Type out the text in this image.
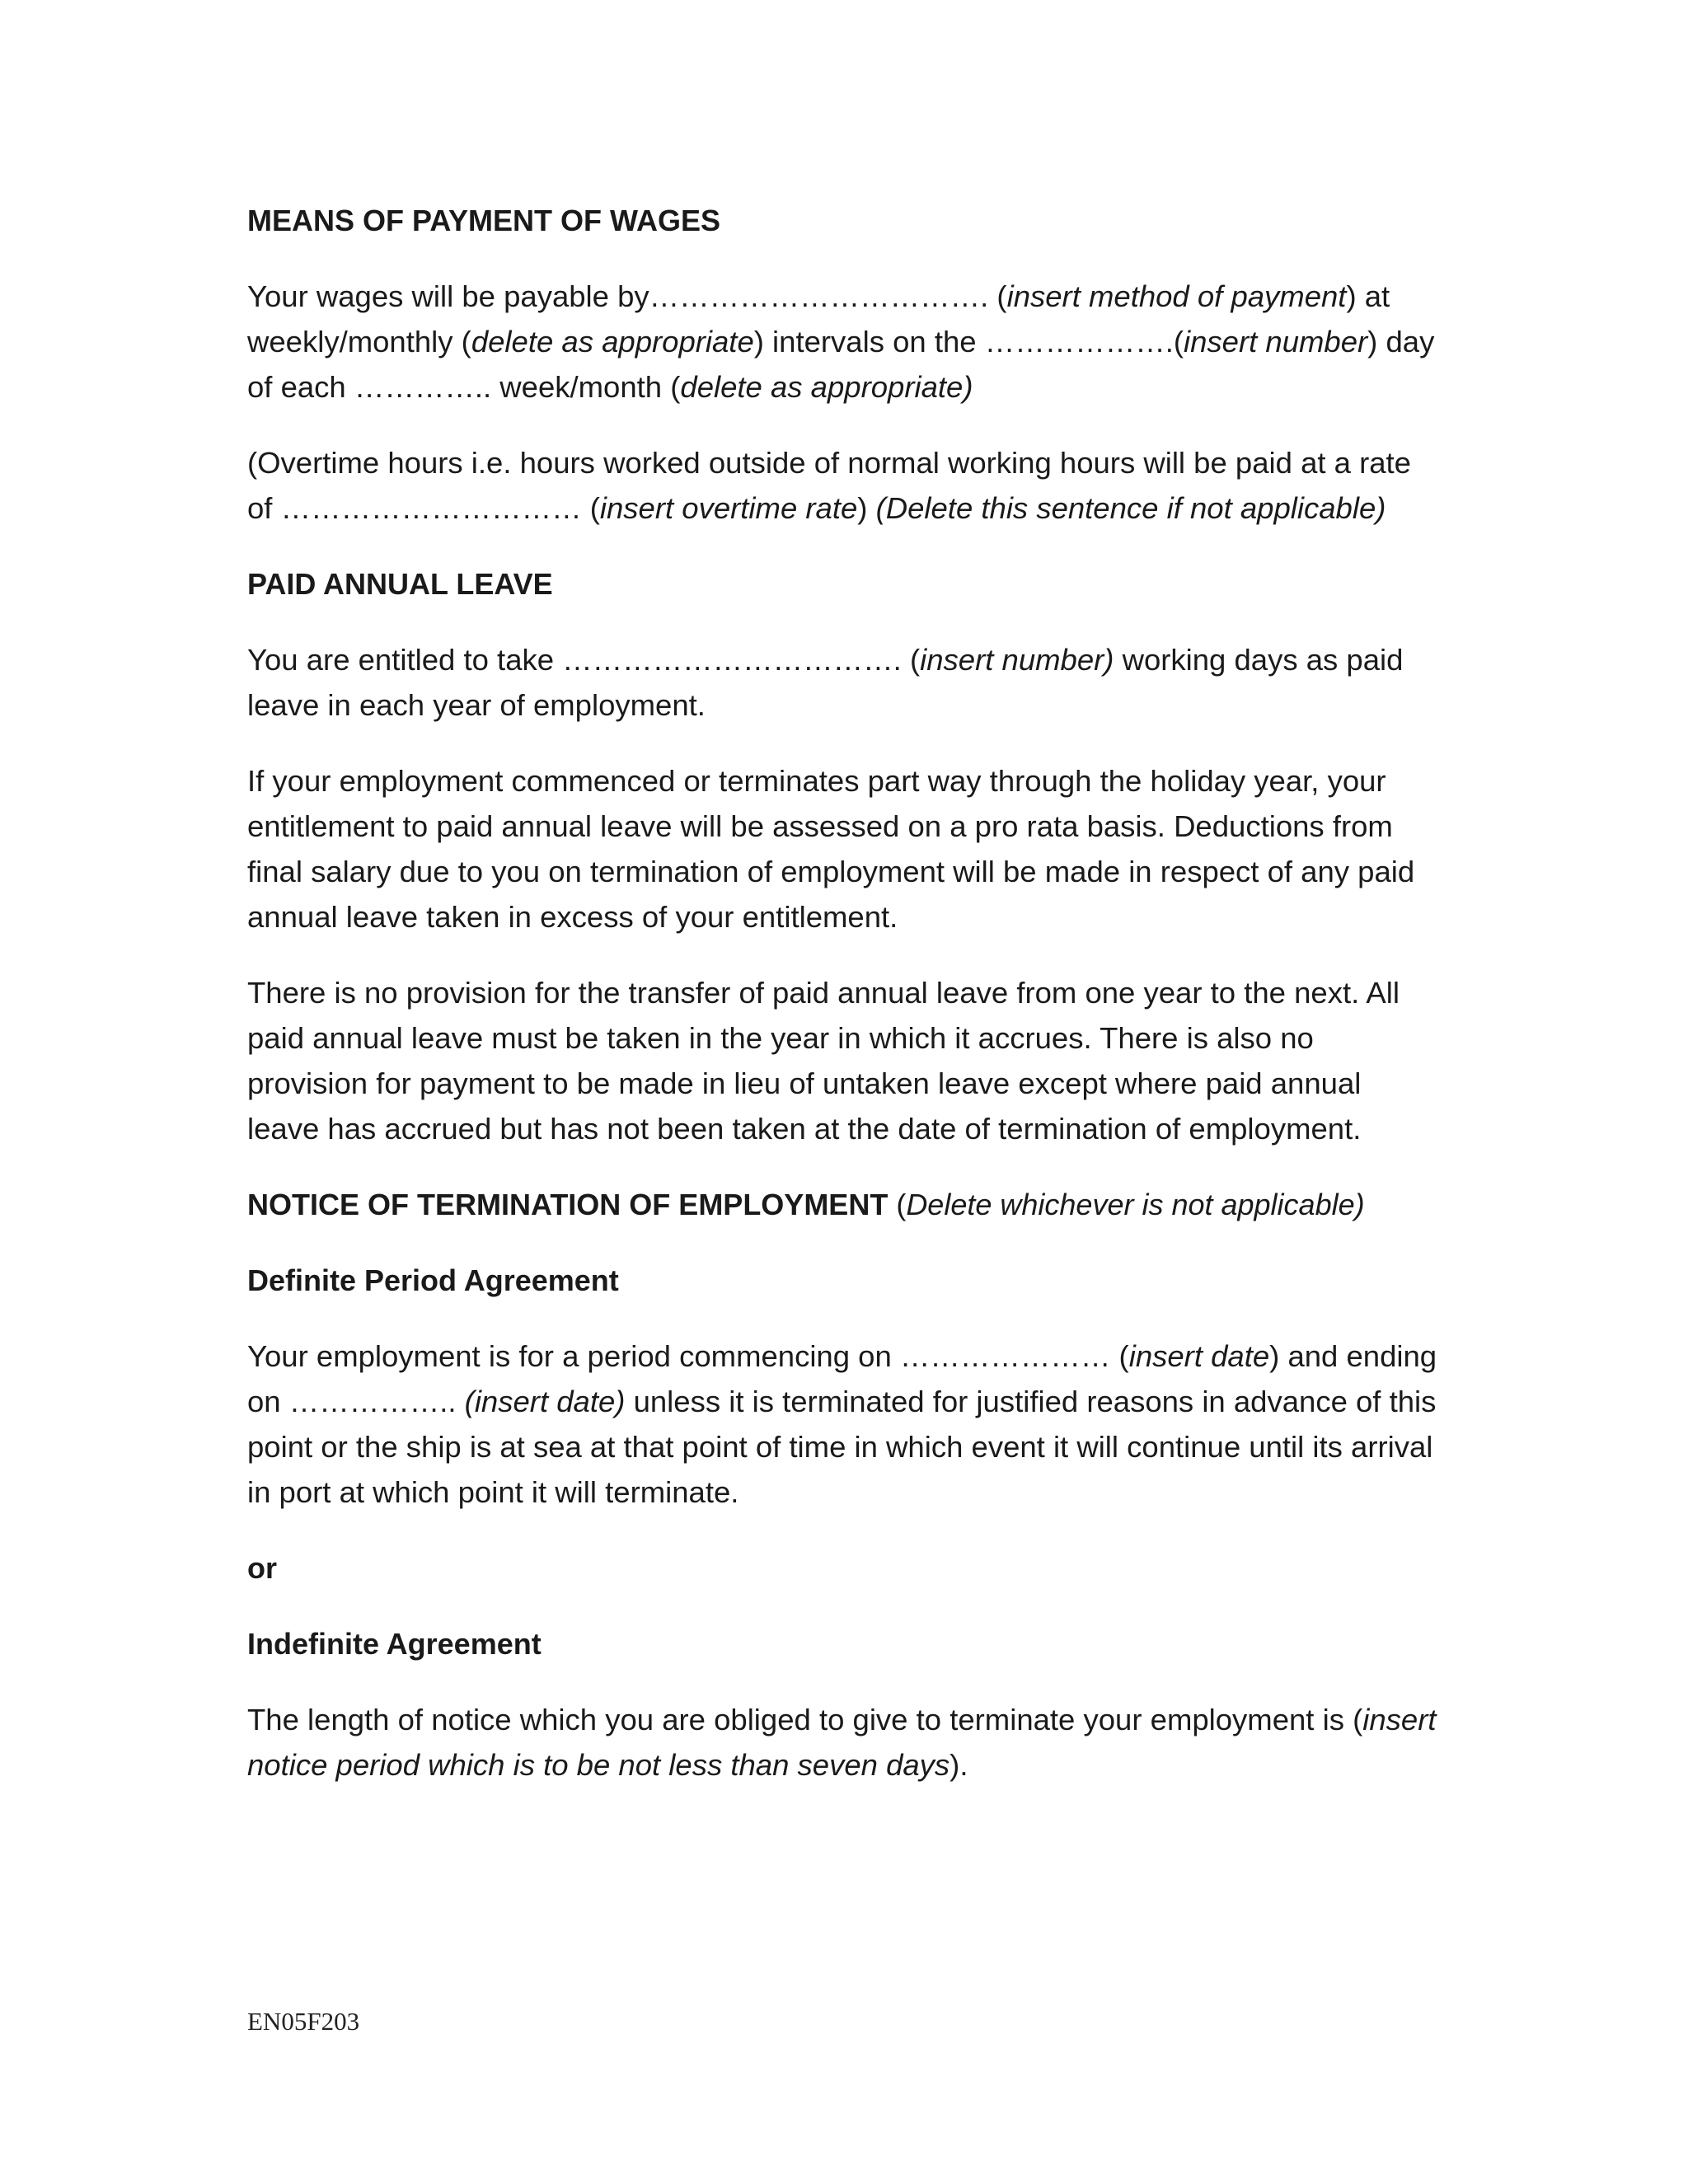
MEANS OF PAYMENT OF WAGES
Your wages will be payable by……………………………. (insert method of payment) at weekly/monthly (delete as appropriate) intervals on the ……………….(insert number) day of each ………….. week/month (delete as appropriate)
(Overtime hours i.e. hours worked outside of normal working hours will be paid at a rate of ………………………… (insert overtime rate) (Delete this sentence if not applicable)
PAID ANNUAL LEAVE
You are entitled to take ……………………………. (insert number) working days as paid leave in each year of employment.
If your employment commenced or terminates part way through the holiday year, your entitlement to paid annual leave will be assessed on a pro rata basis. Deductions from final salary due to you on termination of employment will be made in respect of any paid annual leave taken in excess of your entitlement.
There is no provision for the transfer of paid annual leave from one year to the next. All paid annual leave must be taken in the year in which it accrues. There is also no provision for payment to be made in lieu of untaken leave except where paid annual leave has accrued but has not been taken at the date of termination of employment.
NOTICE OF TERMINATION OF EMPLOYMENT (Delete whichever is not applicable)
Definite Period Agreement
Your employment is for a period commencing on ………………… (insert date) and ending on …………….. (insert date) unless it is terminated for justified reasons in advance of this point or the ship is at sea at that point of time in which event it will continue until its arrival in port at which point it will terminate.
or
Indefinite Agreement
The length of notice which you are obliged to give to terminate your employment is (insert notice period which is to be not less than seven days).
EN05F203
